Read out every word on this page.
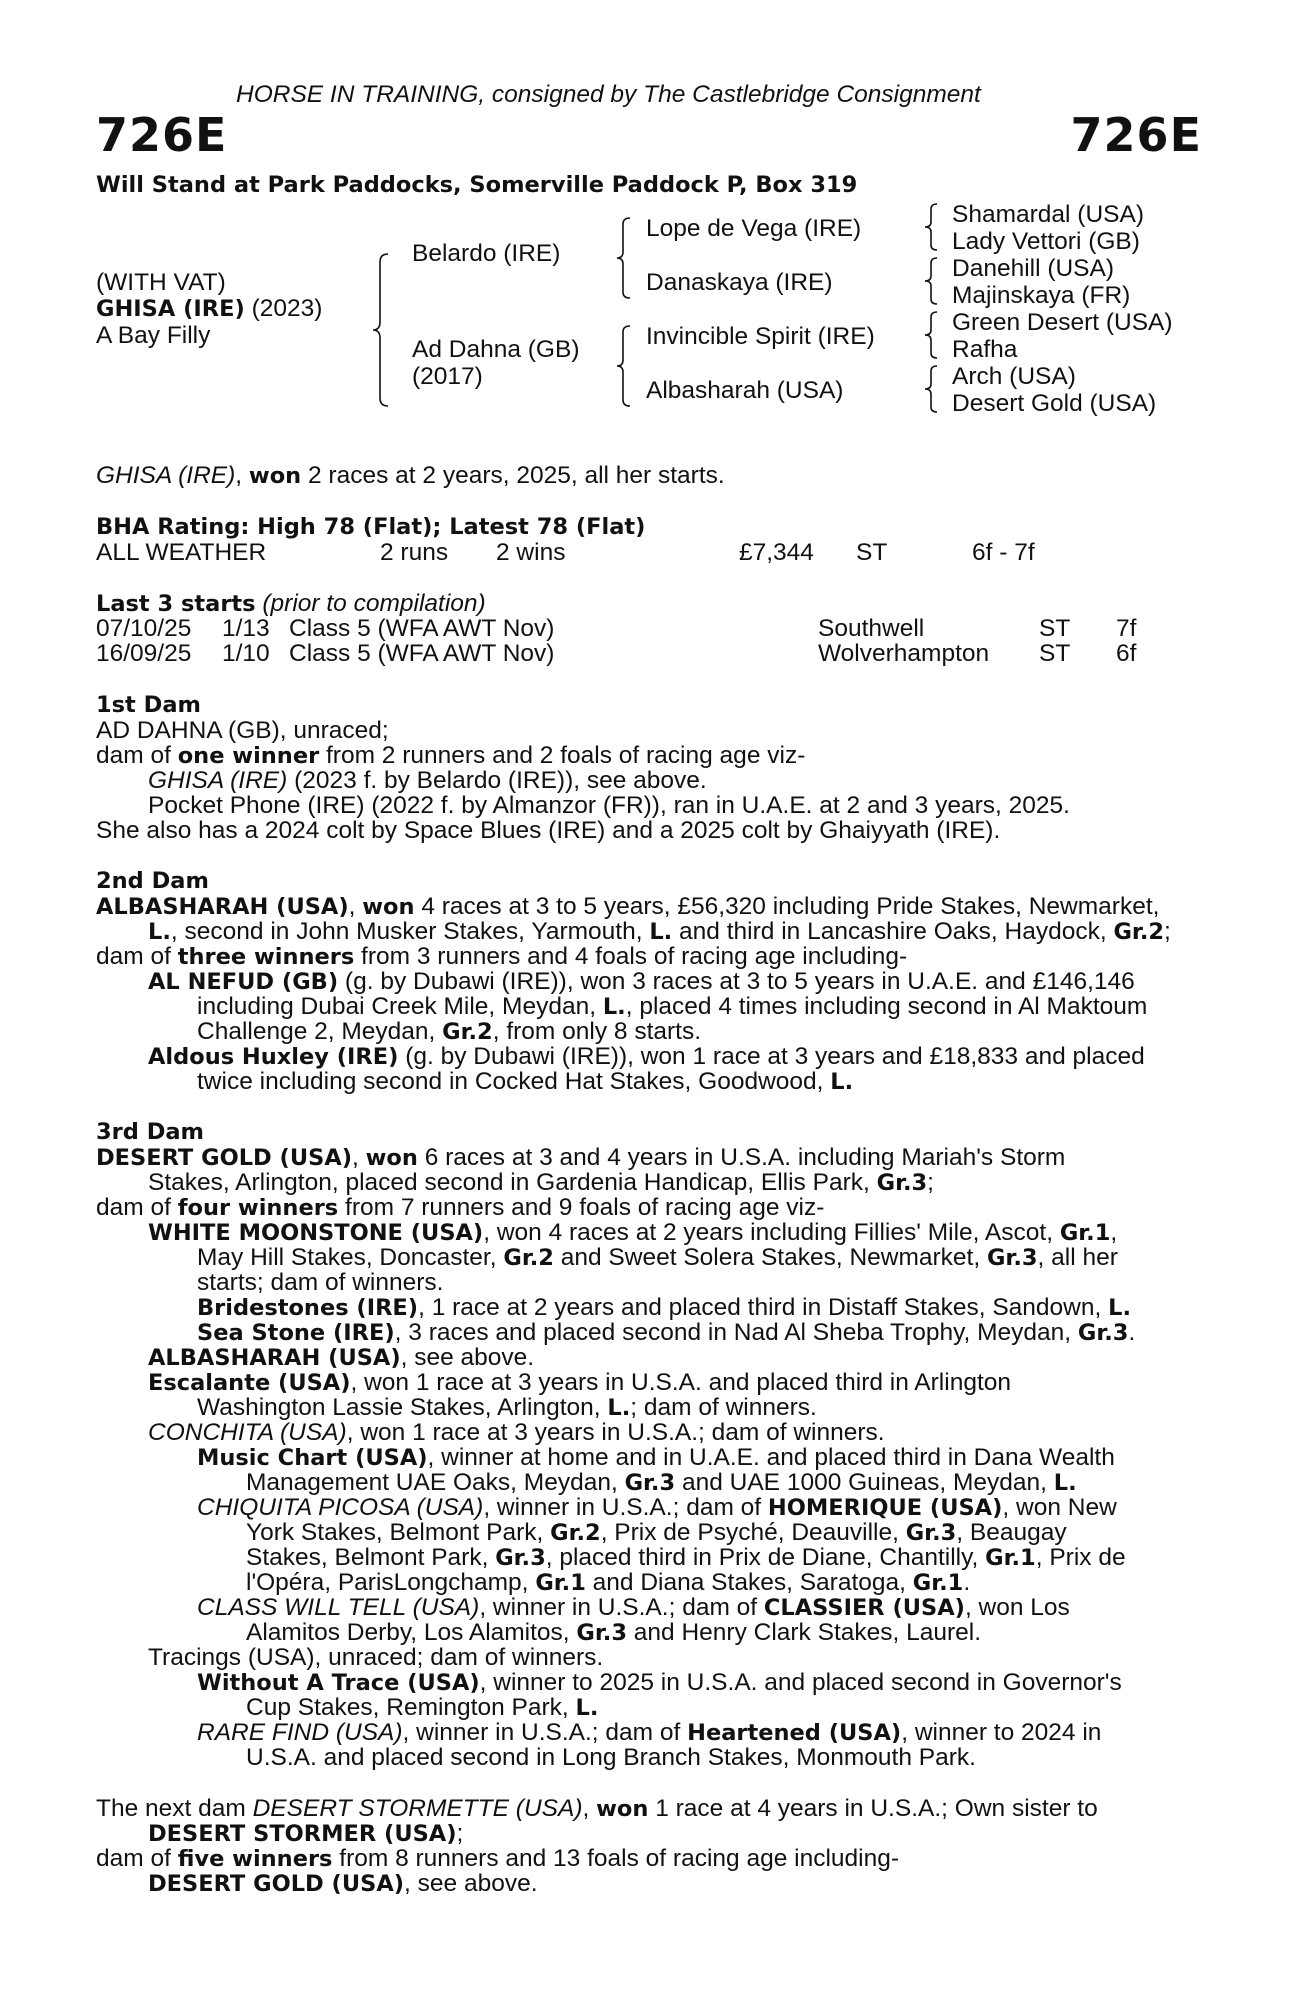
HORSE IN TRAINING, consigned by The Castlebridge Consignment
726E	726E
Will Stand at Park Paddocks, Somerville Paddock P, Box 319
(WITH VAT)
GHISA (IRE) (2023)
A Bay Filly
Belardo (IRE)
Ad Dahna (GB)
(2017)
Lope de Vega (IRE)
Danaskaya (IRE)
Invincible Spirit (IRE)
Albasharah (USA)
Shamardal (USA)
Lady Vettori (GB)
Danehill (USA)
Majinskaya (FR)
Green Desert (USA)
Rafha
Arch (USA)
Desert Gold (USA)
GHISA (IRE), won 2 races at 2 years, 2025, all her starts.
BHA Rating: High 78 (Flat); Latest 78 (Flat)
ALL WEATHER	2 runs 2 wins	£7,344 ST	6f - 7f
Last 3 starts (prior to compilation)
07/10/25 1/13 Class 5 (WFA AWT Nov)	Southwell	ST 7f
16/09/25 1/10 Class 5 (WFA AWT Nov)	Wolverhampton ST 6f
1st Dam
AD DAHNA (GB), unraced;
dam of one winner from 2 runners and 2 foals of racing age viz-
GHISA (IRE) (2023 f. by Belardo (IRE)), see above.
Pocket Phone (IRE) (2022 f. by Almanzor (FR)), ran in U.A.E. at 2 and 3 years, 2025.
She also has a 2024 colt by Space Blues (IRE) and a 2025 colt by Ghaiyyath (IRE).
2nd Dam
ALBASHARAH (USA), won 4 races at 3 to 5 years, £56,320 including Pride Stakes, Newmarket,
L., second in John Musker Stakes, Yarmouth, L. and third in Lancashire Oaks, Haydock, Gr.2;
dam of three winners from 3 runners and 4 foals of racing age including-
AL NEFUD (GB) (g. by Dubawi (IRE)), won 3 races at 3 to 5 years in U.A.E. and £146,146
including Dubai Creek Mile, Meydan, L., placed 4 times including second in Al Maktoum
Challenge 2, Meydan, Gr.2, from only 8 starts.
Aldous Huxley (IRE) (g. by Dubawi (IRE)), won 1 race at 3 years and £18,833 and placed
twice including second in Cocked Hat Stakes, Goodwood, L.
3rd Dam
DESERT GOLD (USA), won 6 races at 3 and 4 years in U.S.A. including Mariah's Storm
Stakes, Arlington, placed second in Gardenia Handicap, Ellis Park, Gr.3;
dam of four winners from 7 runners and 9 foals of racing age viz-
WHITE MOONSTONE (USA), won 4 races at 2 years including Fillies' Mile, Ascot, Gr.1,
May Hill Stakes, Doncaster, Gr.2 and Sweet Solera Stakes, Newmarket, Gr.3, all her
starts; dam of winners.
Bridestones (IRE), 1 race at 2 years and placed third in Distaff Stakes, Sandown, L.
Sea Stone (IRE), 3 races and placed second in Nad Al Sheba Trophy, Meydan, Gr.3.
ALBASHARAH (USA), see above.
Escalante (USA), won 1 race at 3 years in U.S.A. and placed third in Arlington
Washington Lassie Stakes, Arlington, L.; dam of winners.
CONCHITA (USA), won 1 race at 3 years in U.S.A.; dam of winners.
Music Chart (USA), winner at home and in U.A.E. and placed third in Dana Wealth
Management UAE Oaks, Meydan, Gr.3 and UAE 1000 Guineas, Meydan, L.
CHIQUITA PICOSA (USA), winner in U.S.A.; dam of HOMERIQUE (USA), won New
York Stakes, Belmont Park, Gr.2, Prix de Psyché, Deauville, Gr.3, Beaugay
Stakes, Belmont Park, Gr.3, placed third in Prix de Diane, Chantilly, Gr.1, Prix de
l'Opéra, ParisLongchamp, Gr.1 and Diana Stakes, Saratoga, Gr.1.
CLASS WILL TELL (USA), winner in U.S.A.; dam of CLASSIER (USA), won Los
Alamitos Derby, Los Alamitos, Gr.3 and Henry Clark Stakes, Laurel.
Tracings (USA), unraced; dam of winners.
Without A Trace (USA), winner to 2025 in U.S.A. and placed second in Governor's
Cup Stakes, Remington Park, L.
RARE FIND (USA), winner in U.S.A.; dam of Heartened (USA), winner to 2024 in
U.S.A. and placed second in Long Branch Stakes, Monmouth Park.
The next dam DESERT STORMETTE (USA), won 1 race at 4 years in U.S.A.; Own sister to
DESERT STORMER (USA);
dam of five winners from 8 runners and 13 foals of racing age including-
DESERT GOLD (USA), see above.
